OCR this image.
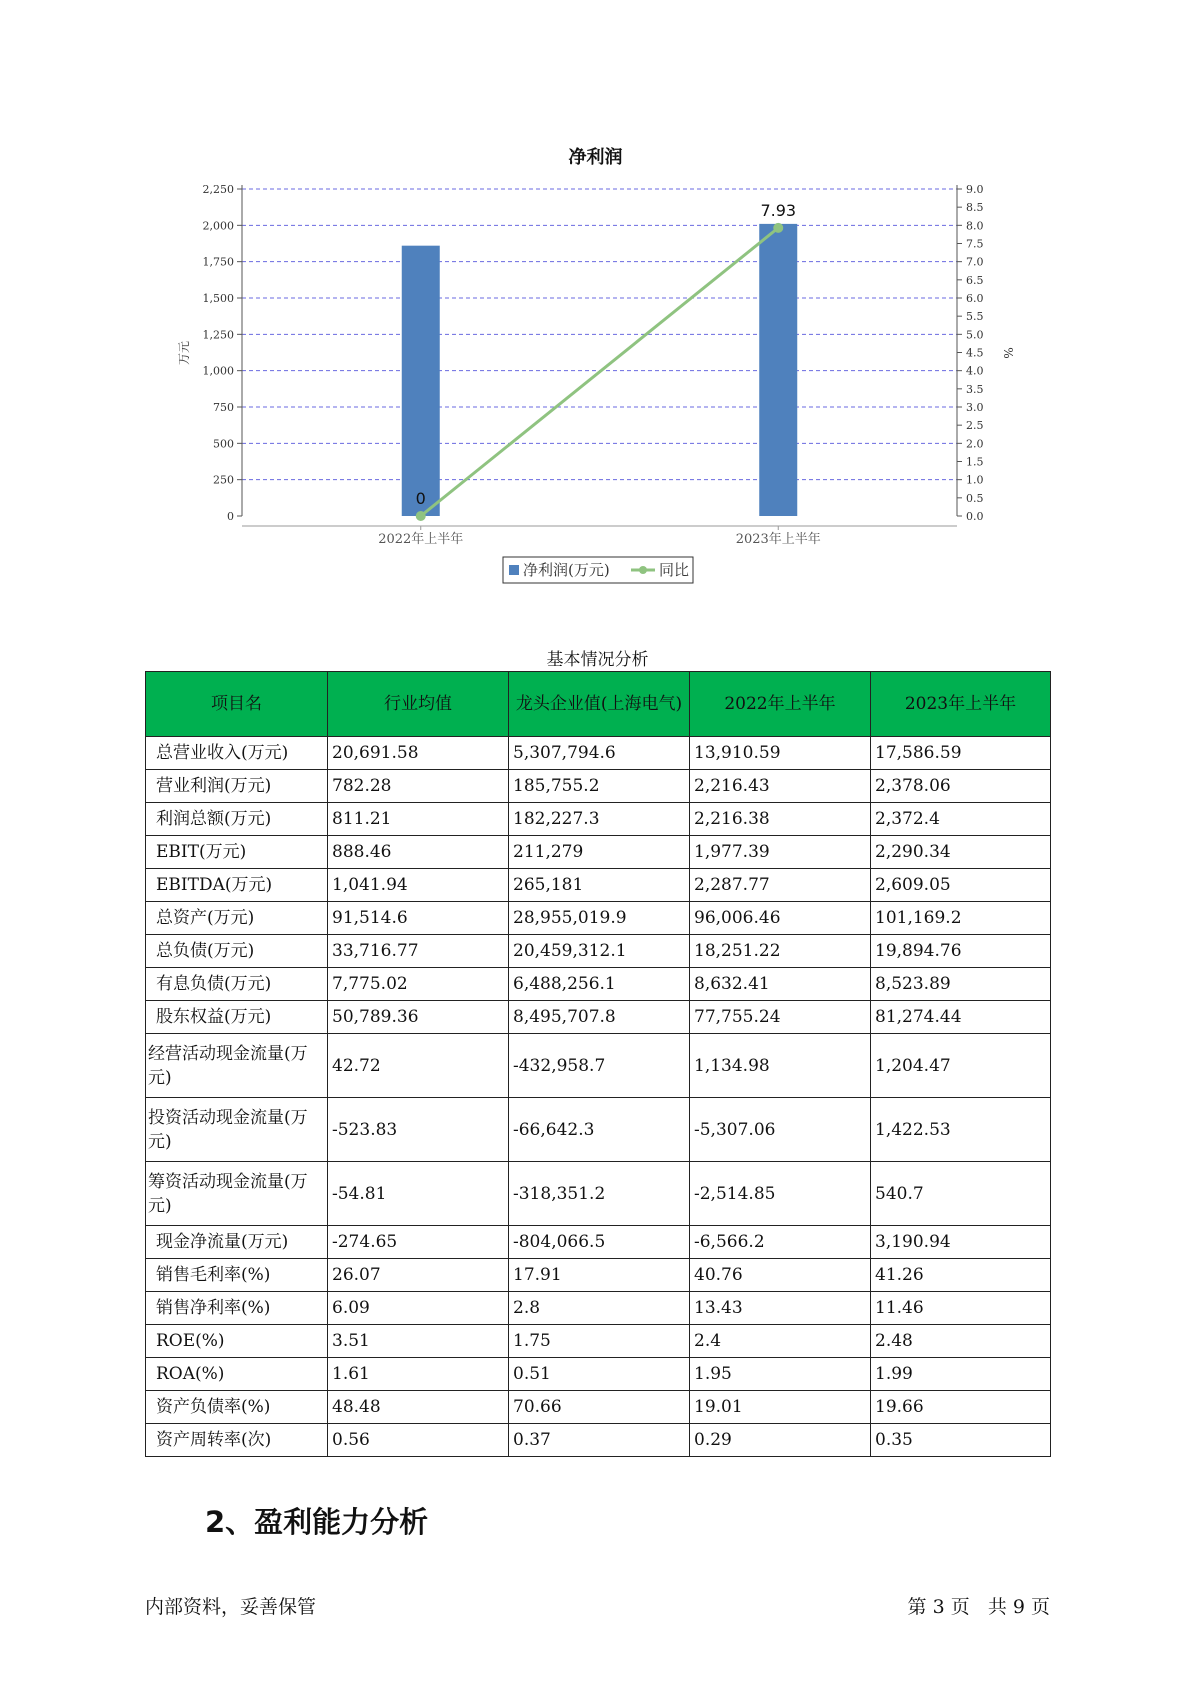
净利润
0
250
500
750
1,000
1,250
1,500
1,750
2,000
2,250
0.0
0.5
1.0
1.5
2.0
2.5
3.0
3.5
4.0
4.5
5.0
5.5
6.0
6.5
7.0
7.5
8.0
8.5
9.0
万元	%
2022年上半年	2023年上半年
0
7.93
净利润(万元)	同比
基本情况分析
项目名	行业均值	龙头企业值(上海电气)	2022年上半年	2023年上半年
总营业收入(万元)	20,691.58	5,307,794.6	13,910.59	17,586.59
营业利润(万元)	782.28	185,755.2	2,216.43	2,378.06
利润总额(万元)	811.21	182,227.3	2,216.38	2,372.4
EBIT(万元)	888.46	211,279	1,977.39	2,290.34
EBITDA(万元)	1,041.94	265,181	2,287.77	2,609.05
总资产(万元)	91,514.6	28,955,019.9	96,006.46	101,169.2
总负债(万元)	33,716.77	20,459,312.1	18,251.22	19,894.76
有息负债(万元)	7,775.02	6,488,256.1	8,632.41	8,523.89
股东权益(万元)	50,789.36	8,495,707.8	77,755.24	81,274.44
经营活动现金流量(万元)	42.72	-432,958.7	1,134.98	1,204.47
投资活动现金流量(万元)	-523.83	-66,642.3	-5,307.06	1,422.53
筹资活动现金流量(万元)	-54.81	-318,351.2	-2,514.85	540.7
现金净流量(万元)	-274.65	-804,066.5	-6,566.2	3,190.94
销售毛利率(%)	26.07	17.91	40.76	41.26
销售净利率(%)	6.09	2.8	13.43	11.46
ROE(%)	3.51	1.75	2.4	2.48
ROA(%)	1.61	0.51	1.95	1.99
资产负债率(%)	48.48	70.66	19.01	19.66
资产周转率(次)	0.56	0.37	0.29	0.35
2、盈利能力分析
内部资料，妥善保管	第 3 页   共 9 页
